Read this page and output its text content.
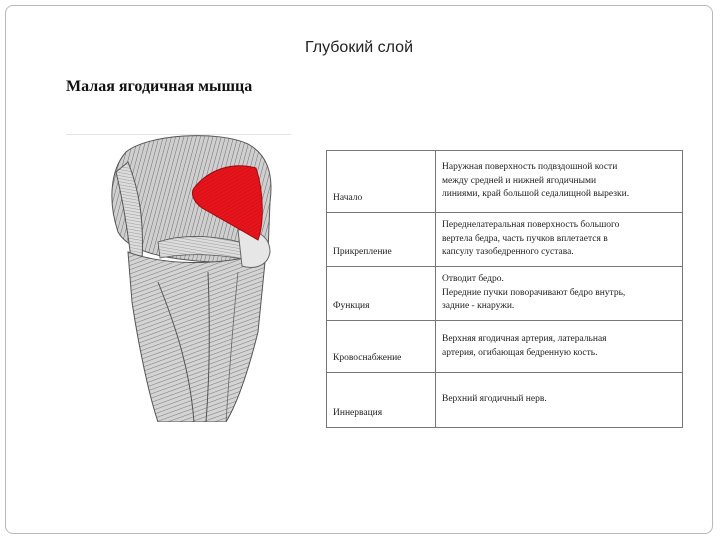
Глубокий слой
Малая ягодичная мышца
Начало	Наружная поверхность подвздошной кости
между средней и нижней ягодичными
линиями, край большой седалищной вырезки.

Прикрепление	Переднелатеральная поверхность большого
вертела бедра, часть пучков вплетается в
капсулу тазобедренного сустава.

Функция	Отводит бедро.
Передние пучки поворачивают бедро внутрь,
задние - кнаружи.

Кровоснабжение	Верхняя ягодичная артерия, латеральная
артерия, огибающая бедренную кость.

Иннервация	Верхний ягодичный нерв.
